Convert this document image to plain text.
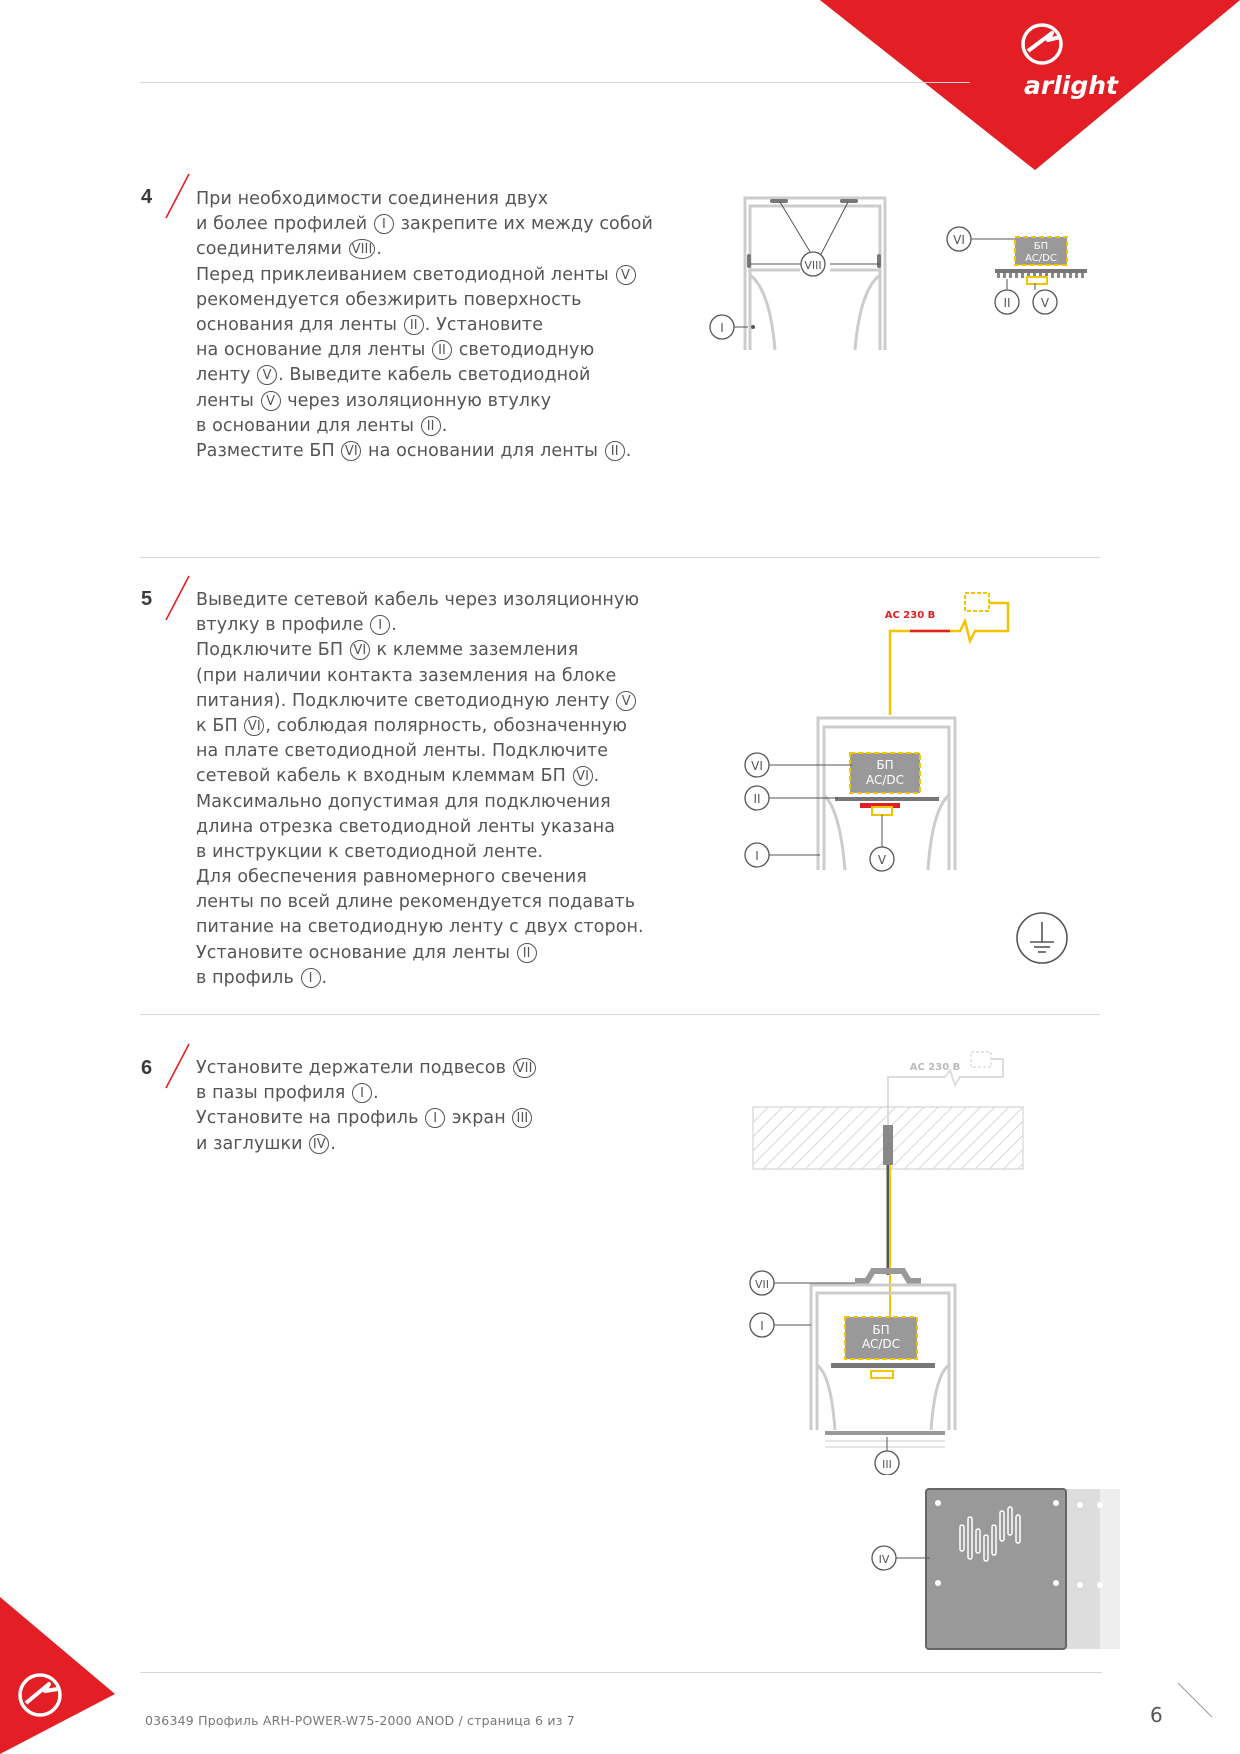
arlight
4
5
6
При необходимости соединения двух
и более профилей I закрепите их между собой
соединителями VIII .
Перед приклеиванием светодиодной ленты V
рекомендуется обезжирить поверхность
основания для ленты II . Установите
на основание для ленты II светодиодную
ленту V . Выведите кабель светодиодной
ленты V через изоляционную втулку
в основании для ленты II .
Разместите БП VI на основании для ленты II .
Выведите сетевой кабель через изоляционную
втулку в профиле I .
Подключите БП VI к клемме заземления
(при наличии контакта заземления на блоке
питания). Подключите светодиодную ленту V
к БП VI , соблюдая полярность, обозначенную
на плате светодиодной ленты. Подключите
сетевой кабель к входным клеммам БП VI .
Максимально допустимая для подключения
длина отрезка светодиодной ленты указана
в инструкции к светодиодной ленте.
Для обеспечения равномерного свечения
ленты по всей длине рекомендуется подавать
питание на светодиодную ленту с двух сторон.
Установите основание для ленты II
в профиль I .
Установите держатели подвесов VII
в пазы профиля I .
Установите на профиль I экран III
и заглушки IV .
VIII
I
VI	БП
AC/DC
II	V
AC 230 B
БП
AC/DC
VI
II
I	V
AC 230 B
БП
AC/DC
VII
I
III
IV
036349 Профиль ARH-POWER-W75-2000 ANOD / страница 6 из 7	6
